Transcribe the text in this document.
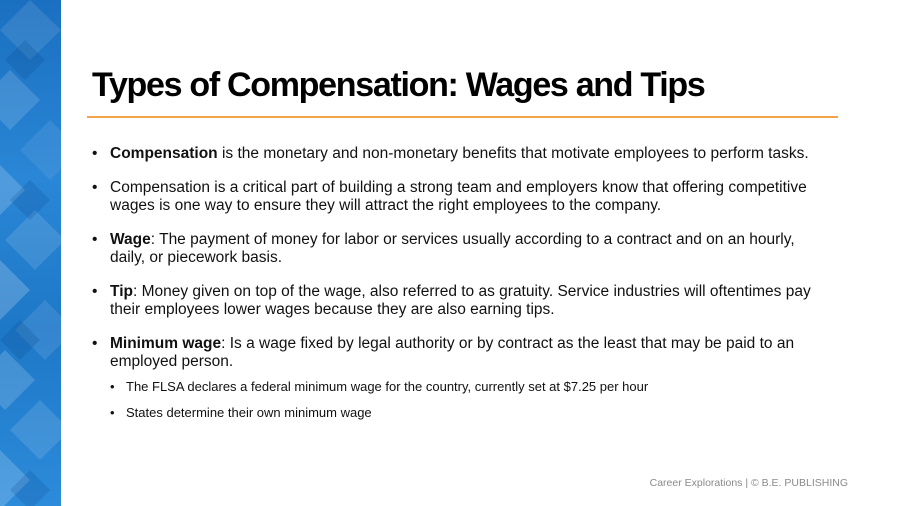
Types of Compensation: Wages and Tips
• Compensation is the monetary and non-monetary benefits that motivate employees to perform tasks.
• Compensation is a critical part of building a strong team and employers know that offering competitive wages is one way to ensure they will attract the right employees to the company.
• Wage: The payment of money for labor or services usually according to a contract and on an hourly, daily, or piecework basis.
• Tip: Money given on top of the wage, also referred to as gratuity. Service industries will oftentimes pay their employees lower wages because they are also earning tips.
• Minimum wage: Is a wage fixed by legal authority or by contract as the least that may be paid to an employed person.
• The FLSA declares a federal minimum wage for the country, currently set at $7.25 per hour
• States determine their own minimum wage
Career Explorations | © B.E. PUBLISHING
